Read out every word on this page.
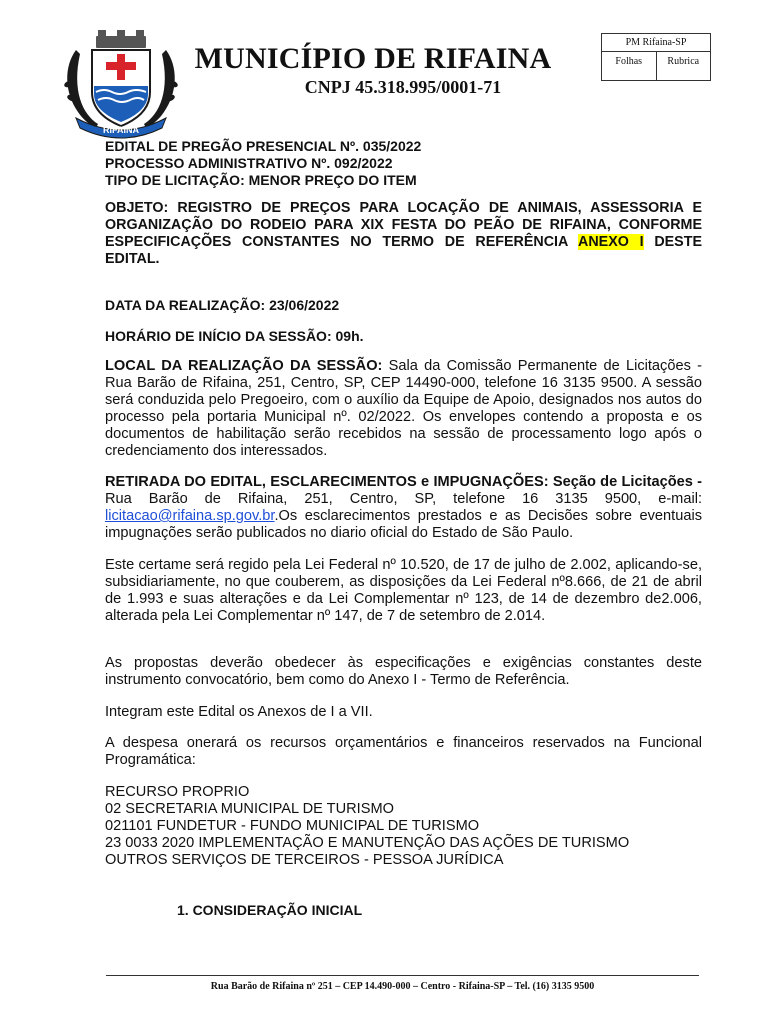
RIFAINA
MUNICÍPIO DE RIFAINA
CNPJ 45.318.995/0001-71
PM Rifaina-SP
Folhas	Rubrica
EDITAL DE PREGÃO PRESENCIAL Nº. 035/2022
PROCESSO ADMINISTRATIVO Nº. 092/2022
TIPO DE LICITAÇÃO: MENOR PREÇO DO ITEM
OBJETO: REGISTRO DE PREÇOS PARA LOCAÇÃO DE ANIMAIS, ASSESSORIA E ORGANIZAÇÃO DO RODEIO PARA XIX FESTA DO PEÃO DE RIFAINA, CONFORME ESPECIFICAÇÕES CONSTANTES NO TERMO DE REFERÊNCIA ANEXO I DESTE EDITAL.
DATA DA REALIZAÇÃO: 23/06/2022
HORÁRIO DE INÍCIO DA SESSÃO: 09h.
LOCAL DA REALIZAÇÃO DA SESSÃO: Sala da Comissão Permanente de Licitações - Rua Barão de Rifaina, 251, Centro, SP, CEP 14490-000, telefone 16 3135 9500. A sessão será conduzida pelo Pregoeiro, com o auxílio da Equipe de Apoio, designados nos autos do processo pela portaria Municipal nº. 02/2022. Os envelopes contendo a proposta e os documentos de habilitação serão recebidos na sessão de processamento logo após o credenciamento dos interessados.
RETIRADA DO EDITAL, ESCLARECIMENTOS e IMPUGNAÇÕES: Seção de Licitações -Rua Barão de Rifaina, 251, Centro, SP, telefone 16 3135 9500, e-mail: licitacao@rifaina.sp.gov.br.Os esclarecimentos prestados e as Decisões sobre eventuais impugnações serão publicados no diario oficial do Estado de São Paulo.
Este certame será regido pela Lei Federal nº 10.520, de 17 de julho de 2.002, aplicando-se, subsidiariamente, no que couberem, as disposições da Lei Federal nº8.666, de 21 de abril de 1.993 e suas alterações e da Lei Complementar nº 123, de 14 de dezembro de2.006, alterada pela Lei Complementar nº 147, de 7 de setembro de 2.014.
As propostas deverão obedecer às especificações e exigências constantes deste instrumento convocatório, bem como do Anexo I - Termo de Referência.
Integram este Edital os Anexos de I a VII.
A despesa onerará os recursos orçamentários e financeiros reservados na Funcional Programática:
RECURSO PROPRIO
02 SECRETARIA MUNICIPAL DE TURISMO
021101 FUNDETUR - FUNDO MUNICIPAL DE TURISMO
23 0033 2020 IMPLEMENTAÇÃO E MANUTENÇÃO DAS AÇÕES DE TURISMO
OUTROS SERVIÇOS DE TERCEIROS - PESSOA JURÍDICA
1. CONSIDERAÇÃO INICIAL
Rua Barão de Rifaina nº 251 – CEP 14.490-000 – Centro - Rifaina-SP – Tel. (16) 3135 9500
